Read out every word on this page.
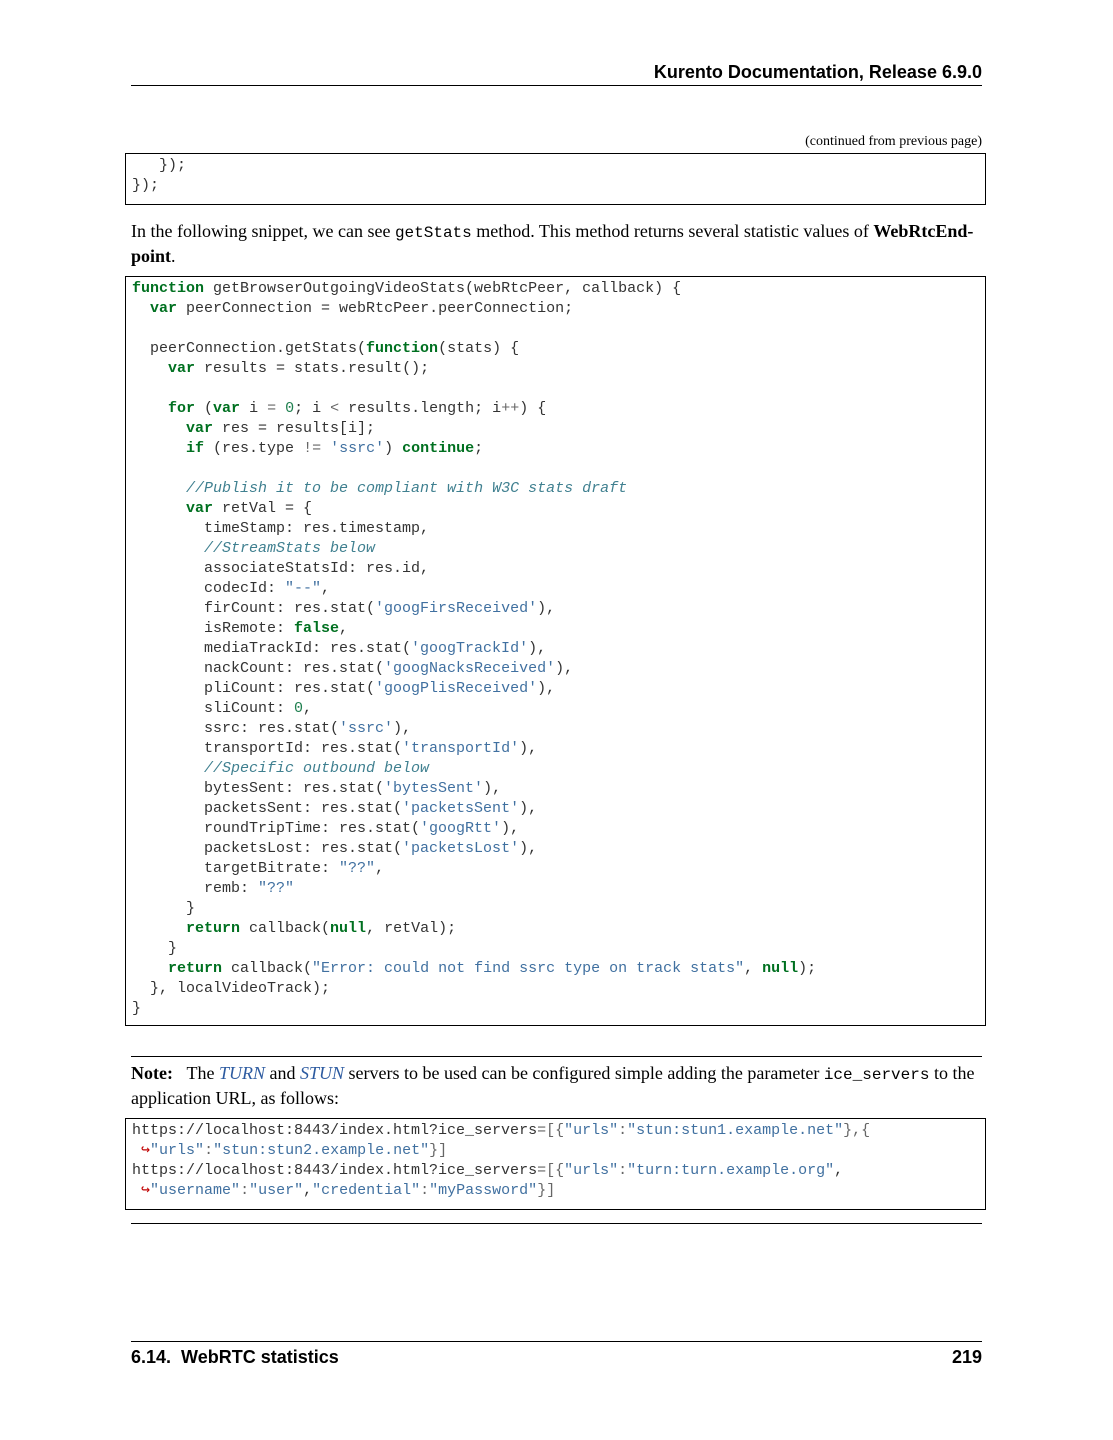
Kurento Documentation, Release 6.9.0
(continued from previous page)
});
});
In the following snippet, we can see getStats method. This method returns several statistic values of WebRtcEnd-point.
function getBrowserOutgoingVideoStats(webRtcPeer, callback) {
var peerConnection = webRtcPeer.peerConnection;

peerConnection.getStats(function(stats) {
var results = stats.result();

for (var i = 0; i < results.length; i++) {
var res = results[i];
if (res.type != 'ssrc') continue;

//Publish it to be compliant with W3C stats draft
var retVal = {
timeStamp: res.timestamp,
//StreamStats below
associateStatsId: res.id,
codecId: "--",
firCount: res.stat('googFirsReceived'),
isRemote: false,
mediaTrackId: res.stat('googTrackId'),
nackCount: res.stat('googNacksReceived'),
pliCount: res.stat('googPlisReceived'),
sliCount: 0,
ssrc: res.stat('ssrc'),
transportId: res.stat('transportId'),
//Specific outbound below
bytesSent: res.stat('bytesSent'),
packetsSent: res.stat('packetsSent'),
roundTripTime: res.stat('googRtt'),
packetsLost: res.stat('packetsLost'),
targetBitrate: "??",
remb: "??"
}
return callback(null, retVal);
}
return callback("Error: could not find ssrc type on track stats", null);
}, localVideoTrack);
}
Note: The TURN and STUN servers to be used can be configured simple adding the parameter ice_servers to the application URL, as follows:
https://localhost:8443/index.html?ice_servers=[{"urls":"stun:stun1.example.net"},{
↪"urls":"stun:stun2.example.net"}]
https://localhost:8443/index.html?ice_servers=[{"urls":"turn:turn.example.org",
↪"username":"user","credential":"myPassword"}]
6.14.  WebRTC statistics	219
